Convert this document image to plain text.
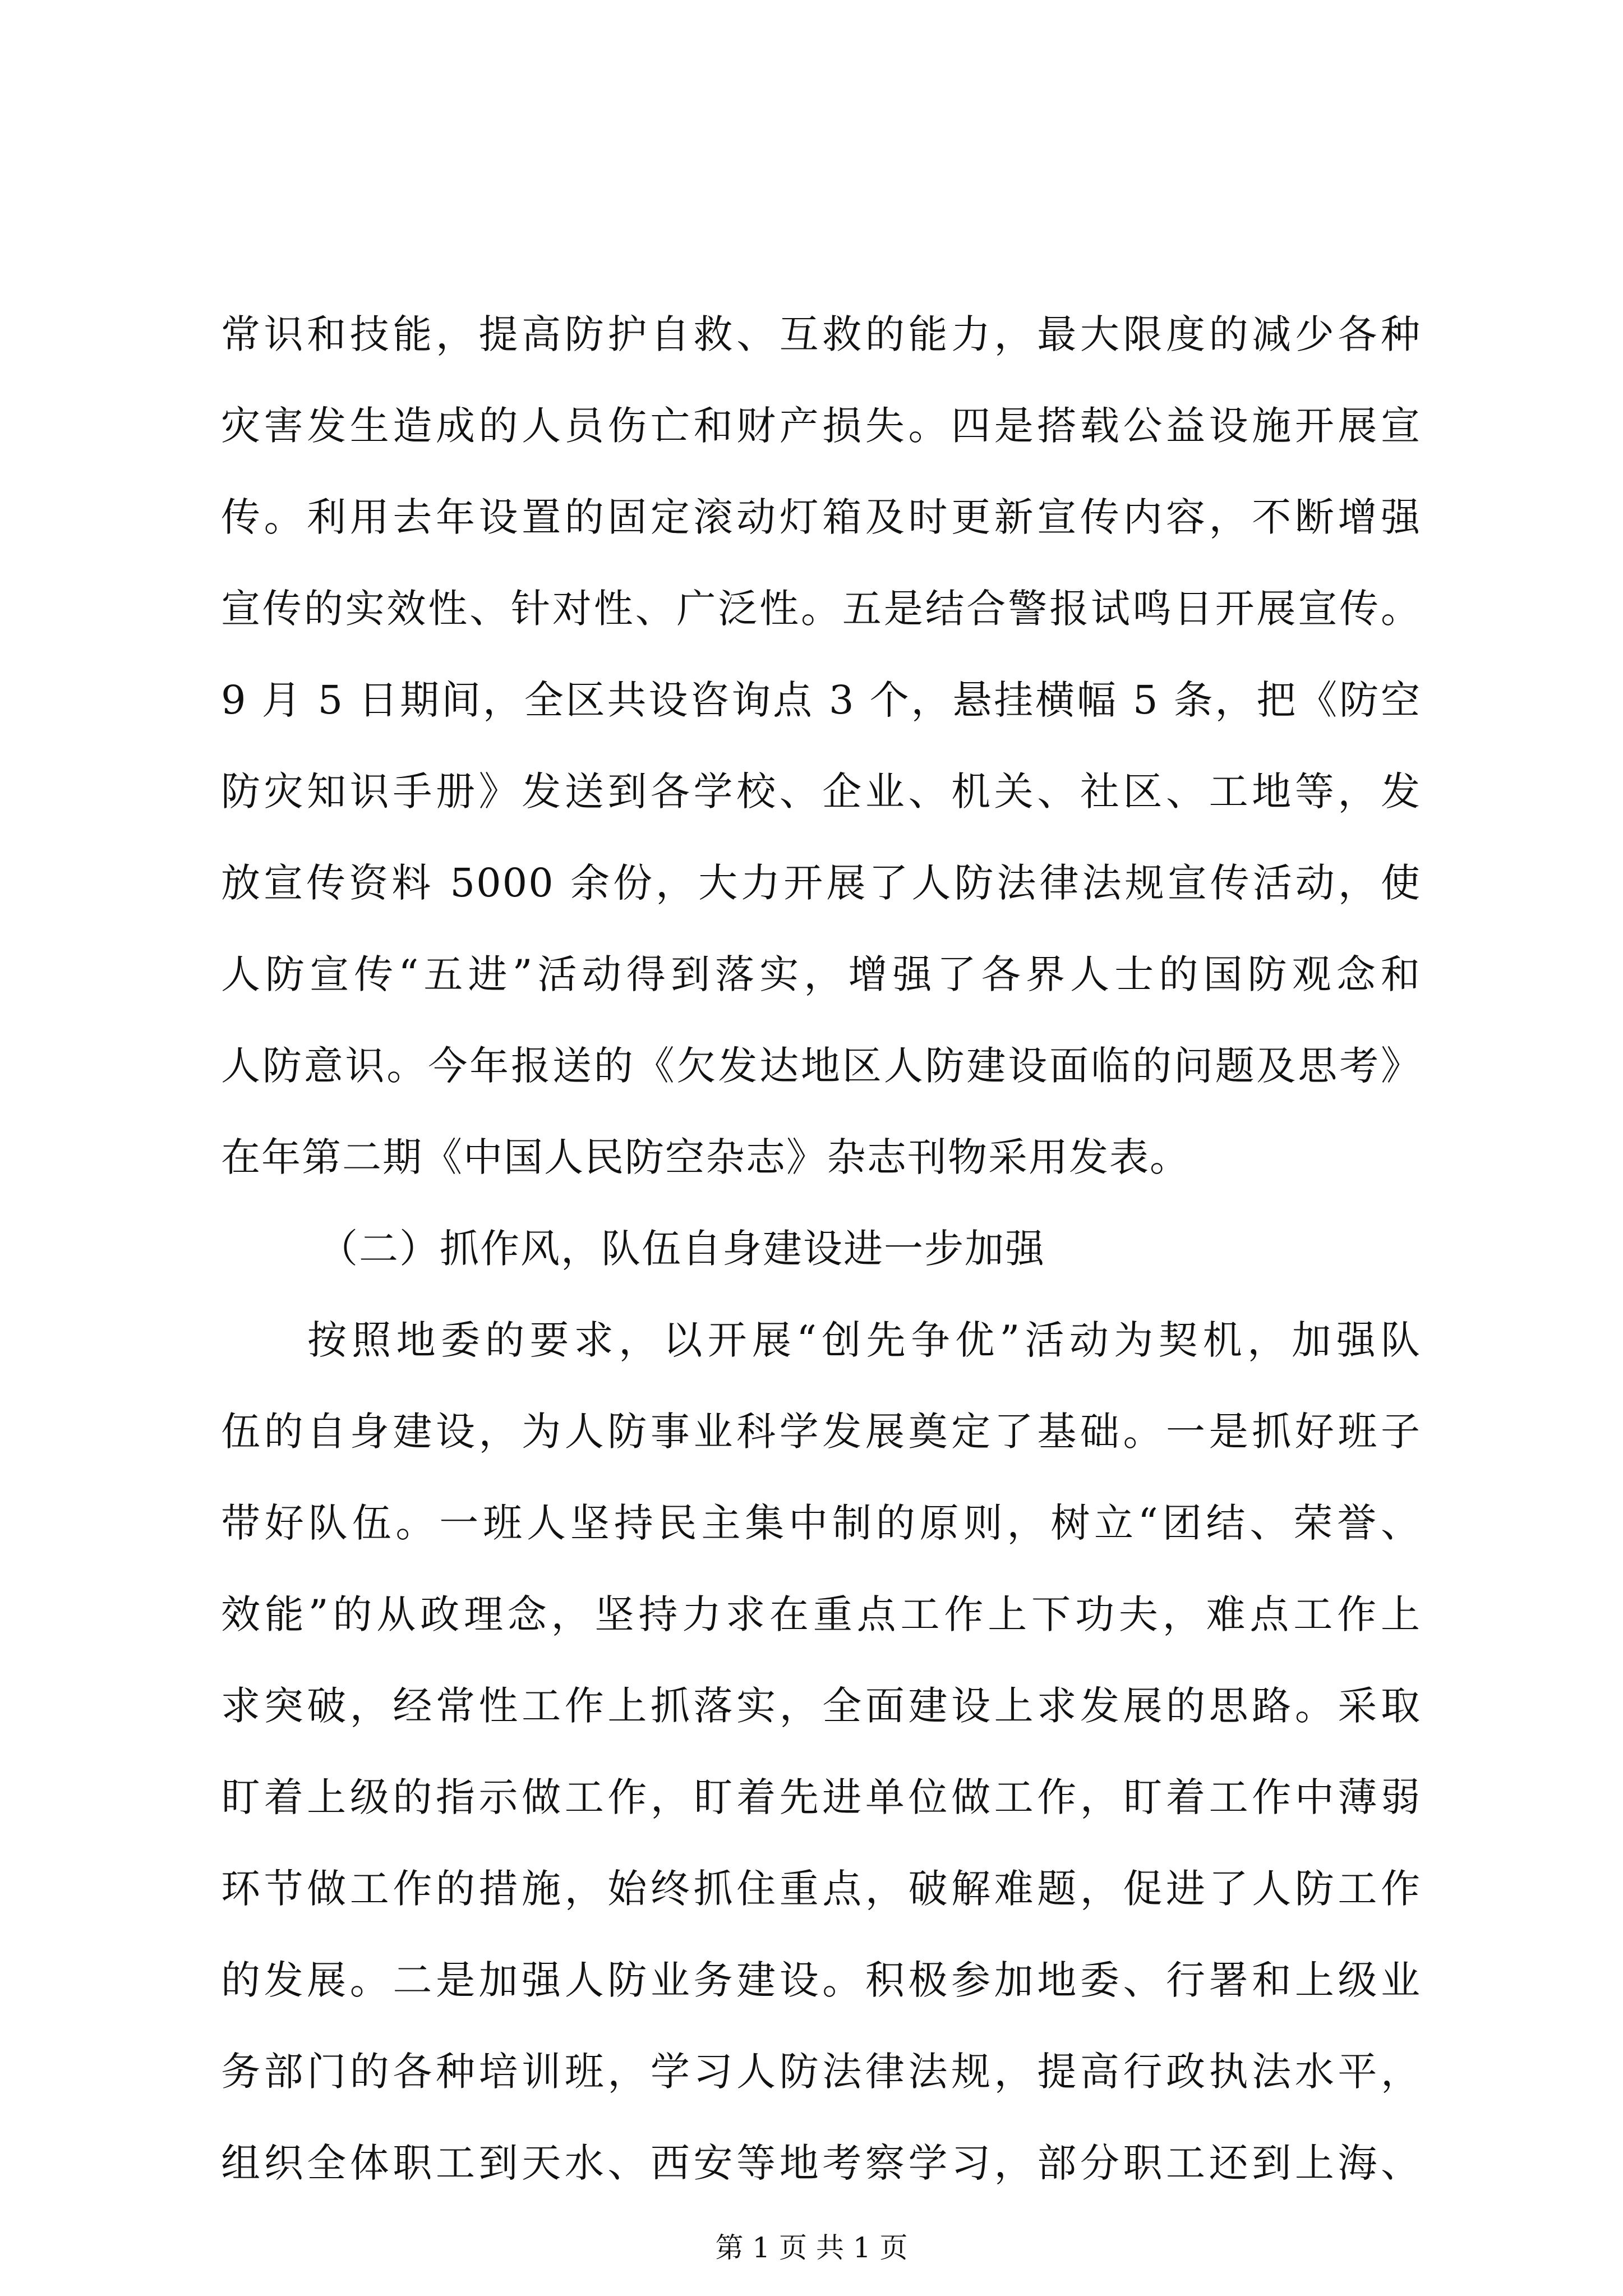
常识和技能，提高防护自救、互救的能力，最大限度的减少各种
灾害发生造成的人员伤亡和财产损失。四是搭载公益设施开展宣
传。利用去年设置的固定滚动灯箱及时更新宣传内容，不断增强
宣传的实效性、针对性、广泛性。五是结合警报试鸣日开展宣传。
9 月 5 日期间，全区共设咨询点 3 个，悬挂横幅 5 条，把《防空
防灾知识手册》发送到各学校、企业、机关、社区、工地等，发
放宣传资料 5000 余份，大力开展了人防法律法规宣传活动，使
人防宣传“五进”活动得到落实，增强了各界人士的国防观念和
人防意识。今年报送的《欠发达地区人防建设面临的问题及思考》
在年第二期《中国人民防空杂志》杂志刊物采用发表。
（二）抓作风，队伍自身建设进一步加强
按照地委的要求，以开展“创先争优”活动为契机，加强队
伍的自身建设，为人防事业科学发展奠定了基础。一是抓好班子
带好队伍。一班人坚持民主集中制的原则，树立“团结、荣誉、
效能”的从政理念，坚持力求在重点工作上下功夫，难点工作上
求突破，经常性工作上抓落实，全面建设上求发展的思路。采取
盯着上级的指示做工作，盯着先进单位做工作，盯着工作中薄弱
环节做工作的措施，始终抓住重点，破解难题，促进了人防工作
的发展。二是加强人防业务建设。积极参加地委、行署和上级业
务部门的各种培训班，学习人防法律法规，提高行政执法水平，
组织全体职工到天水、西安等地考察学习，部分职工还到上海、
第 1 页 共 1 页
